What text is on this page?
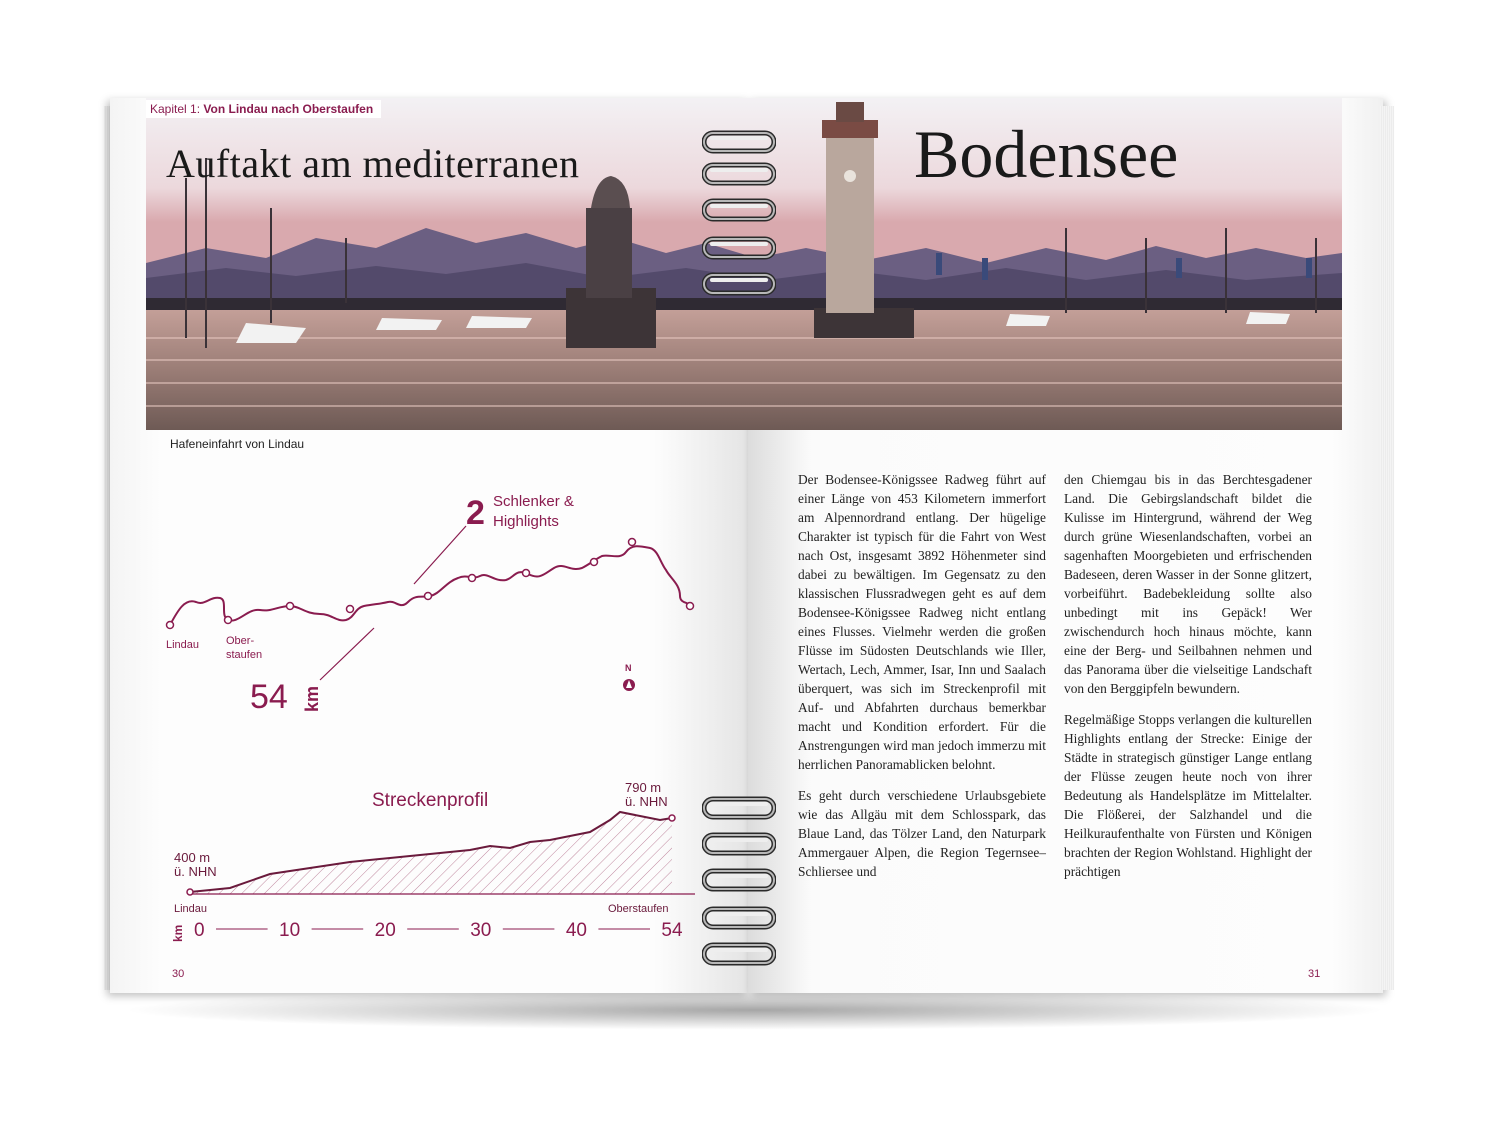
Kapitel 1: Von Lindau nach Oberstaufen
Auftakt am mediterranen	Bodensee
Hafeneinfahrt von Lindau
2 Schlenker &
Highlights
54 km
Lindau Ober-
staufen
N
Streckenprofil
400 m
ü. NHN
790 m
ü. NHN
Lindau	Oberstaufen
km 0	10	20	30	40	54

Der Bodensee-Königssee Radweg führt auf einer Länge von 453 Kilometern immerfort am Alpennordrand entlang. Der hügelige Charakter ist typisch für die Fahrt von West nach Ost, insgesamt 3892 Höhenmeter sind dabei zu bewältigen. Im Gegensatz zu den klassischen Flussradwegen geht es auf dem Bodensee-Königssee Radweg nicht entlang eines Flusses. Vielmehr werden die großen Flüsse im Südosten Deutschlands wie Iller, Wertach, Lech, Ammer, Isar, Inn und Saalach überquert, was sich im Streckenprofil mit Auf- und Abfahrten durchaus bemerkbar macht und Kondition erfordert. Für die Anstrengungen wird man jedoch immerzu mit herrlichen Panoramablicken belohnt.

Es geht durch verschiedene Urlaubsgebiete wie das Allgäu mit dem Schlosspark, das Blaue Land, das Tölzer Land, den Naturpark Ammergauer Alpen, die Region Tegernsee–Schliersee und

den Chiemgau bis in das Berchtesgadener Land. Die Gebirgslandschaft bildet die Kulisse im Hintergrund, während der Weg durch grüne Wiesenlandschaften, vorbei an sagenhaften Moorgebieten und erfrischenden Badeseen, deren Wasser in der Sonne glitzert, vorbeiführt. Badebekleidung sollte also unbedingt mit ins Gepäck! Wer zwischendurch hoch hinaus möchte, kann eine der Berg- und Seilbahnen nehmen und das Panorama über die vielseitige Landschaft von den Berggipfeln bewundern.

Regelmäßige Stopps verlangen die kulturellen Highlights entlang der Strecke: Einige der Städte in strategisch günstiger Lange entlang der Flüsse zeugen heute noch von ihrer Bedeutung als Handelsplätze im Mittelalter. Die Flößerei, der Salzhandel und die Heilkuraufenthalte von Fürsten und Königen brachten der Region Wohlstand. Highlight der prächtigen

30	31
